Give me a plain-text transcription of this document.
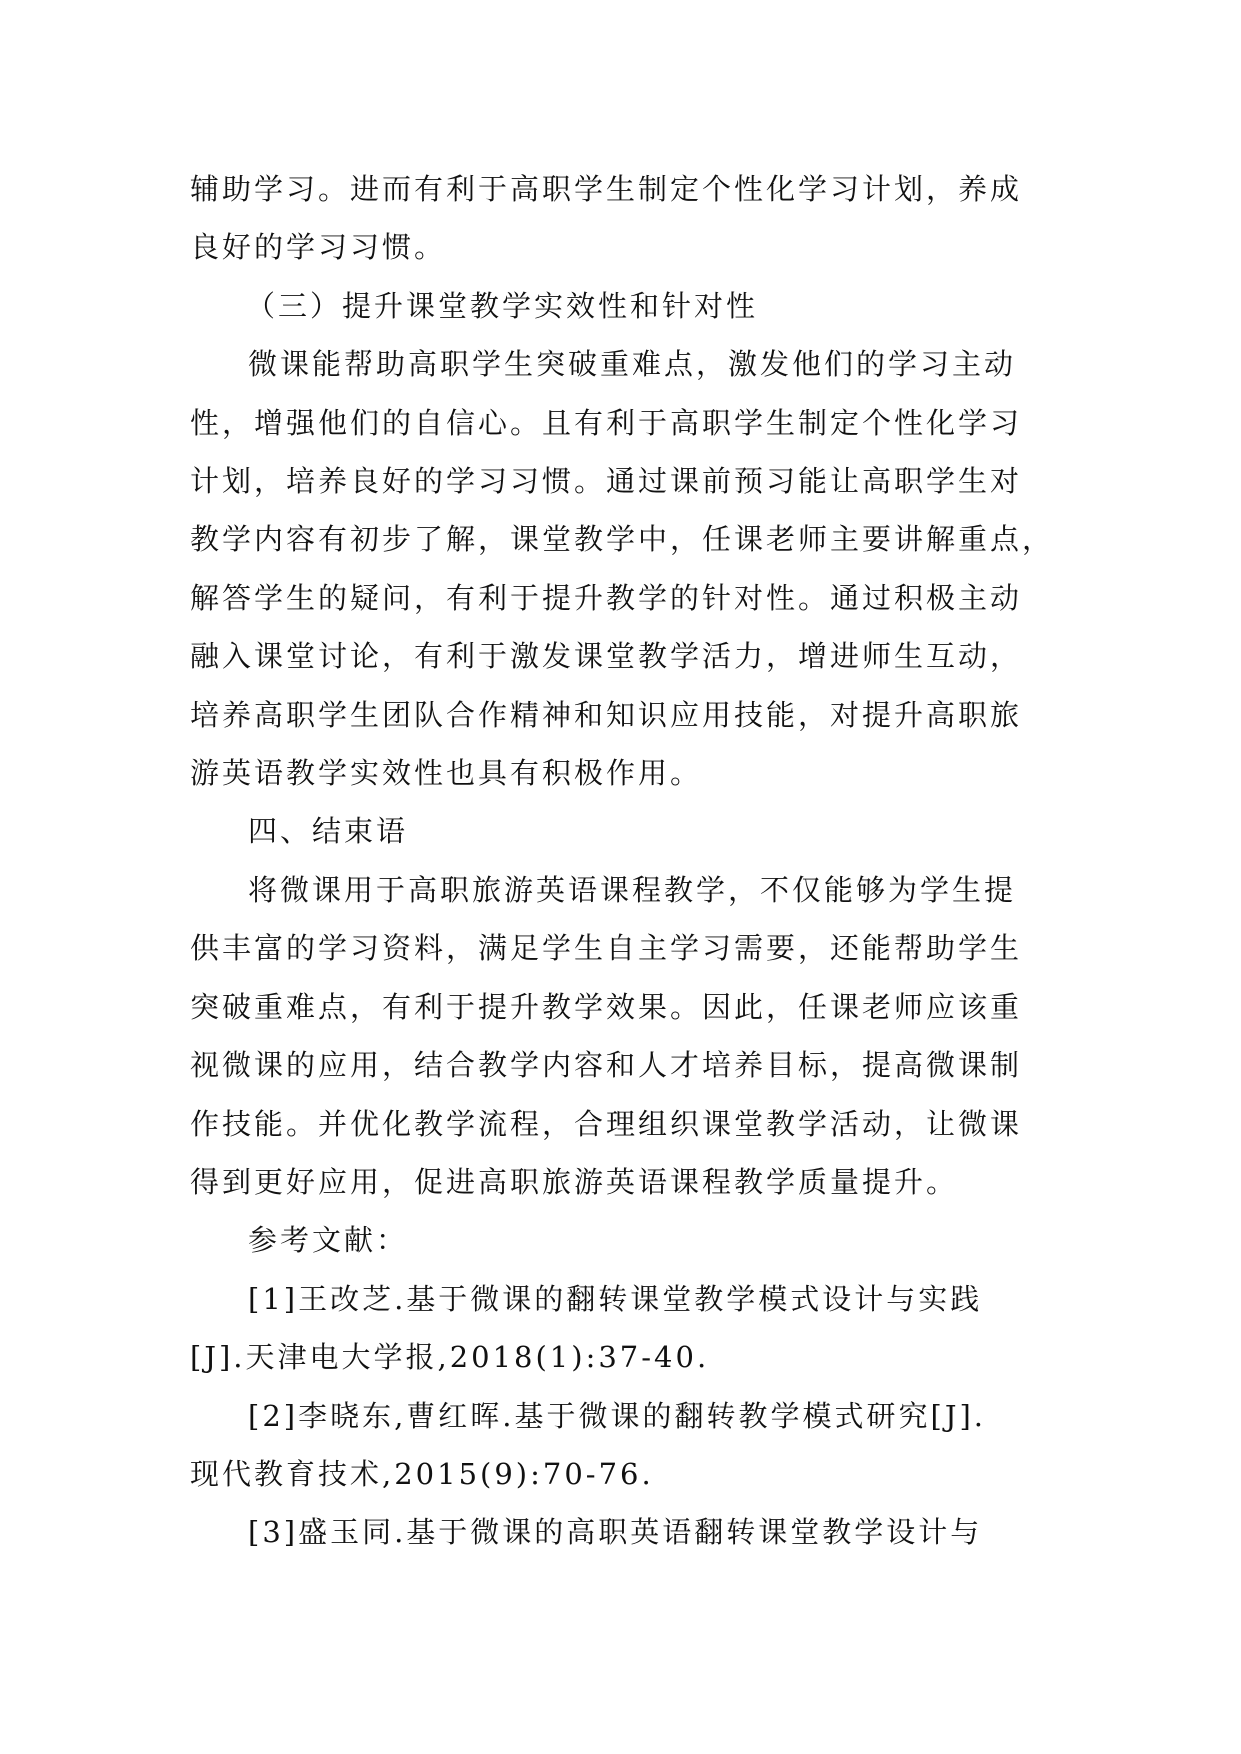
辅助学习。进而有利于高职学生制定个性化学习计划，养成
良好的学习习惯。
（三）提升课堂教学实效性和针对性
微课能帮助高职学生突破重难点，激发他们的学习主动
性，增强他们的自信心。且有利于高职学生制定个性化学习
计划，培养良好的学习习惯。通过课前预习能让高职学生对
教学内容有初步了解，课堂教学中，任课老师主要讲解重点，
解答学生的疑问，有利于提升教学的针对性。通过积极主动
融入课堂讨论，有利于激发课堂教学活力，增进师生互动，
培养高职学生团队合作精神和知识应用技能，对提升高职旅
游英语教学实效性也具有积极作用。
四、结束语
将微课用于高职旅游英语课程教学，不仅能够为学生提
供丰富的学习资料，满足学生自主学习需要，还能帮助学生
突破重难点，有利于提升教学效果。因此，任课老师应该重
视微课的应用，结合教学内容和人才培养目标，提高微课制
作技能。并优化教学流程，合理组织课堂教学活动，让微课
得到更好应用，促进高职旅游英语课程教学质量提升。
参考文献：
[1]王改芝.基于微课的翻转课堂教学模式设计与实践
[J].天津电大学报,2018(1):37-40.
[2]李晓东,曹红晖.基于微课的翻转教学模式研究[J].
现代教育技术,2015(9):70-76.
[3]盛玉同.基于微课的高职英语翻转课堂教学设计与
